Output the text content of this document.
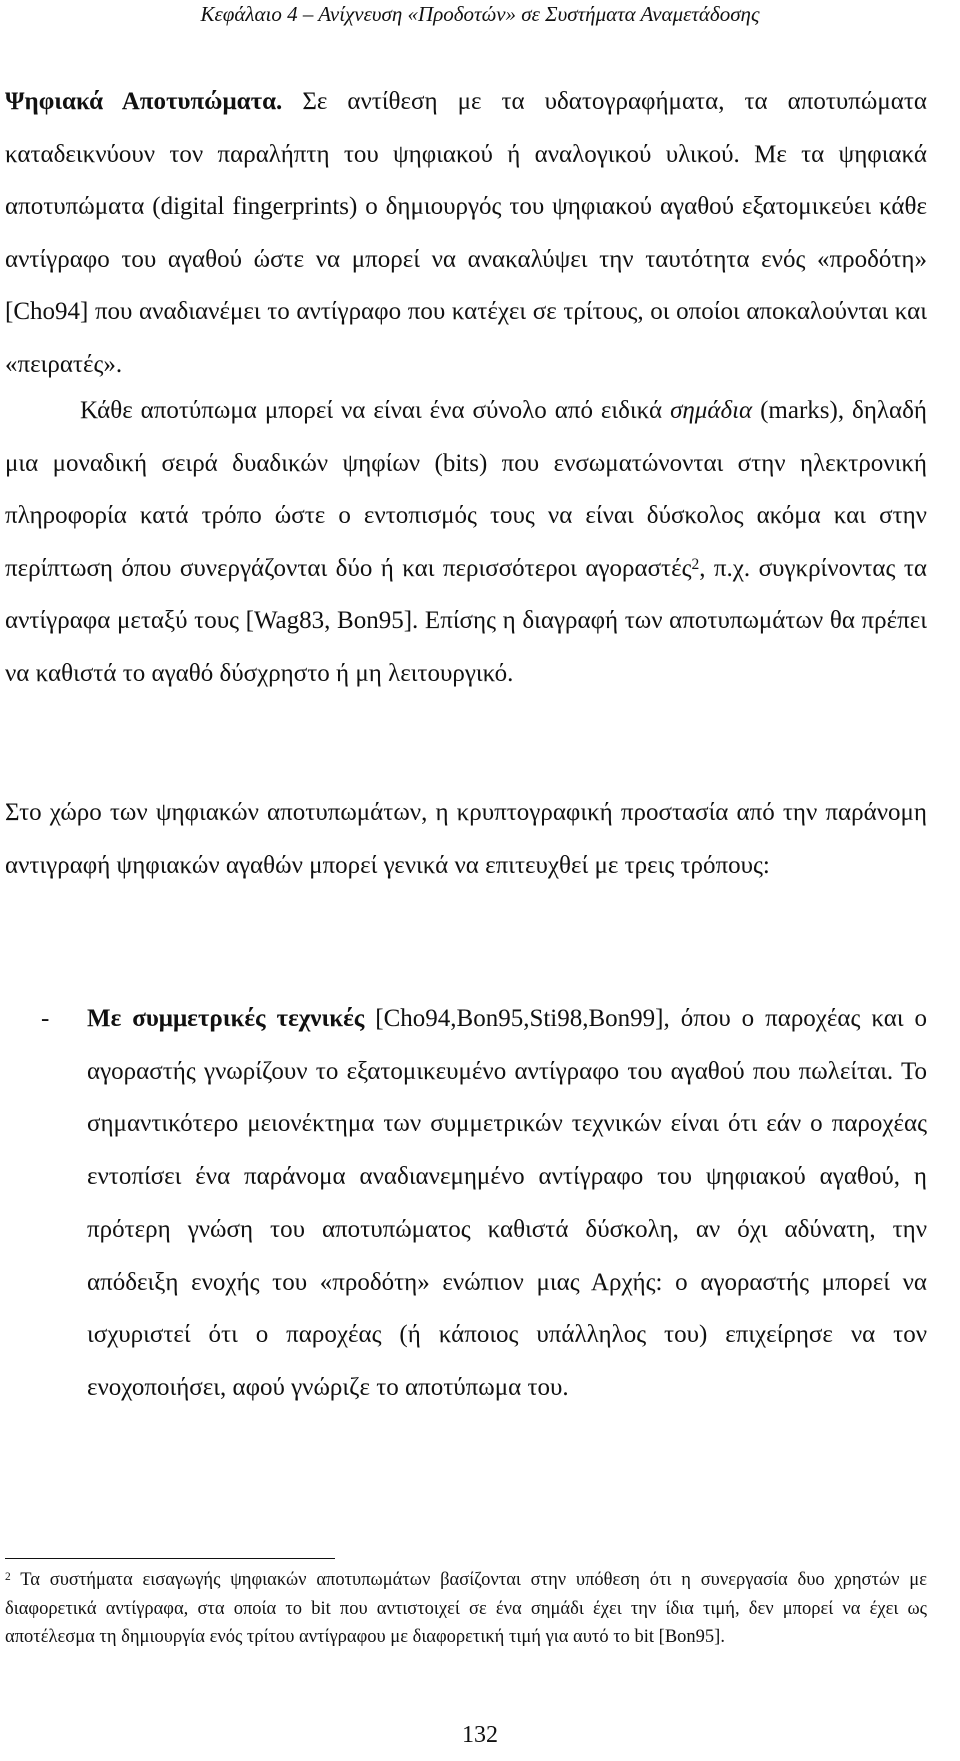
Κεφάλαιο 4 – Ανίχνευση «Προδοτών» σε Συστήματα Αναμετάδοσης

Ψηφιακά Αποτυπώματα. Σε αντίθεση με τα υδατογραφήματα, τα αποτυπώματα καταδεικνύουν τον παραλήπτη του ψηφιακού ή αναλογικού υλικού. Με τα ψηφιακά αποτυπώματα (digital fingerprints) ο δημιουργός του ψηφιακού αγαθού εξατομικεύει κάθε αντίγραφο του αγαθού ώστε να μπορεί να ανακαλύψει την ταυτότητα ενός «προδότη» [Cho94] που αναδιανέμει το αντίγραφο που κατέχει σε τρίτους, οι οποίοι αποκαλούνται και «πειρατές».

Κάθε αποτύπωμα μπορεί να είναι ένα σύνολο από ειδικά σημάδια (marks), δηλαδή μια μοναδική σειρά δυαδικών ψηφίων (bits) που ενσωματώνονται στην ηλεκτρονική πληροφορία κατά τρόπο ώστε ο εντοπισμός τους να είναι δύσκολος ακόμα και στην περίπτωση όπου συνεργάζονται δύο ή και περισσότεροι αγοραστές$^2$, π.χ. συγκρίνοντας τα αντίγραφα μεταξύ τους [Wag83, Bon95]. Επίσης η διαγραφή των αποτυπωμάτων θα πρέπει να καθιστά το αγαθό δύσχρηστο ή μη λειτουργικό.

Στο χώρο των ψηφιακών αποτυπωμάτων, η κρυπτογραφική προστασία από την παράνομη αντιγραφή ψηφιακών αγαθών μπορεί γενικά να επιτευχθεί με τρεις τρόπους:

- Με συμμετρικές τεχνικές [Cho94,Bon95,Sti98,Bon99], όπου ο παροχέας και ο αγοραστής γνωρίζουν το εξατομικευμένο αντίγραφο του αγαθού που πωλείται. Το σημαντικότερο μειονέκτημα των συμμετρικών τεχνικών είναι ότι εάν ο παροχέας εντοπίσει ένα παράνομα αναδιανεμημένο αντίγραφο του ψηφιακού αγαθού, η πρότερη γνώση του αποτυπώματος καθιστά δύσκολη, αν όχι αδύνατη, την απόδειξη ενοχής του «προδότη» ενώπιον μιας Αρχής: ο αγοραστής μπορεί να ισχυριστεί ότι ο παροχέας (ή κάποιος υπάλληλος του) επιχείρησε να τον ενοχοποιήσει, αφού γνώριζε το αποτύπωμα του.

$^2$ Τα συστήματα εισαγωγής ψηφιακών αποτυπωμάτων βασίζονται στην υπόθεση ότι η συνεργασία δυο χρηστών με διαφορετικά αντίγραφα, στα οποία το bit που αντιστοιχεί σε ένα σημάδι έχει την ίδια τιμή, δεν μπορεί να έχει ως αποτέλεσμα τη δημιουργία ενός τρίτου αντίγραφου με διαφορετική τιμή για αυτό το bit [Bon95].

132
